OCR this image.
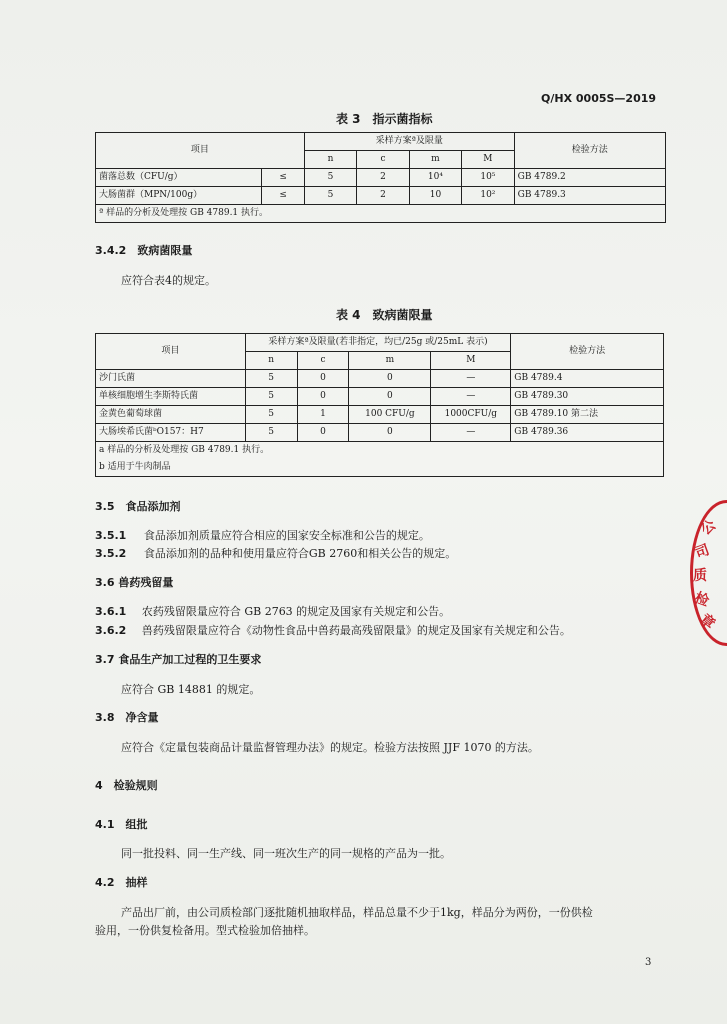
Q/HX 0005S—2019
表 3　指示菌指标
项目		采样方案ª及限量				检验方法
		n	c	m	M	
菌落总数（CFU/g）	≤	5	2	10⁴	10⁵	GB 4789.2
大肠菌群（MPN/100g）	≤	5	2	10	10²	GB 4789.3
ª 样品的分析及处理按 GB 4789.1 执行。						
3.4.2　致病菌限量
应符合表4的规定。
表 4　致病菌限量
项目	采样方案ª及限量(若非指定，均已/25g 或/25mL 表示)				检验方法
	n	c	m	M	
沙门氏菌	5	0	0	—	GB 4789.4
单核细胞增生李斯特氏菌	5	0	0	—	GB 4789.30
金黄色葡萄球菌	5	1	100 CFU/g	1000CFU/g	GB 4789.10 第二法
大肠埃希氏菌ᵇO157：H7	5	0	0	—	GB 4789.36
a 样品的分析及处理按 GB 4789.1 执行。					
b 适用于牛肉制品					
3.5　食品添加剂
3.5.1 食品添加剂质量应符合相应的国家安全标准和公告的规定。
3.5.2 食品添加剂的品种和使用量应符合GB 2760和相关公告的规定。
3.6 兽药残留量
3.6.1 农药残留限量应符合 GB 2763 的规定及国家有关规定和公告。
3.6.2 兽药残留限量应符合《动物性食品中兽药最高残留限量》的规定及国家有关规定和公告。
3.7 食品生产加工过程的卫生要求
应符合 GB 14881 的规定。
3.8　净含量
应符合《定量包装商品计量监督管理办法》的规定。检验方法按照 JJF 1070 的方法。
4　检验规则
4.1　组批
同一批投料、同一生产线、同一班次生产的同一规格的产品为一批。
4.2　抽样
产品出厂前，由公司质检部门逐批随机抽取样品，样品总量不少于1kg，样品分为两份，一份供检
验用，一份供复检备用。型式检验加倍抽样。
3
公
司
质
检
章
